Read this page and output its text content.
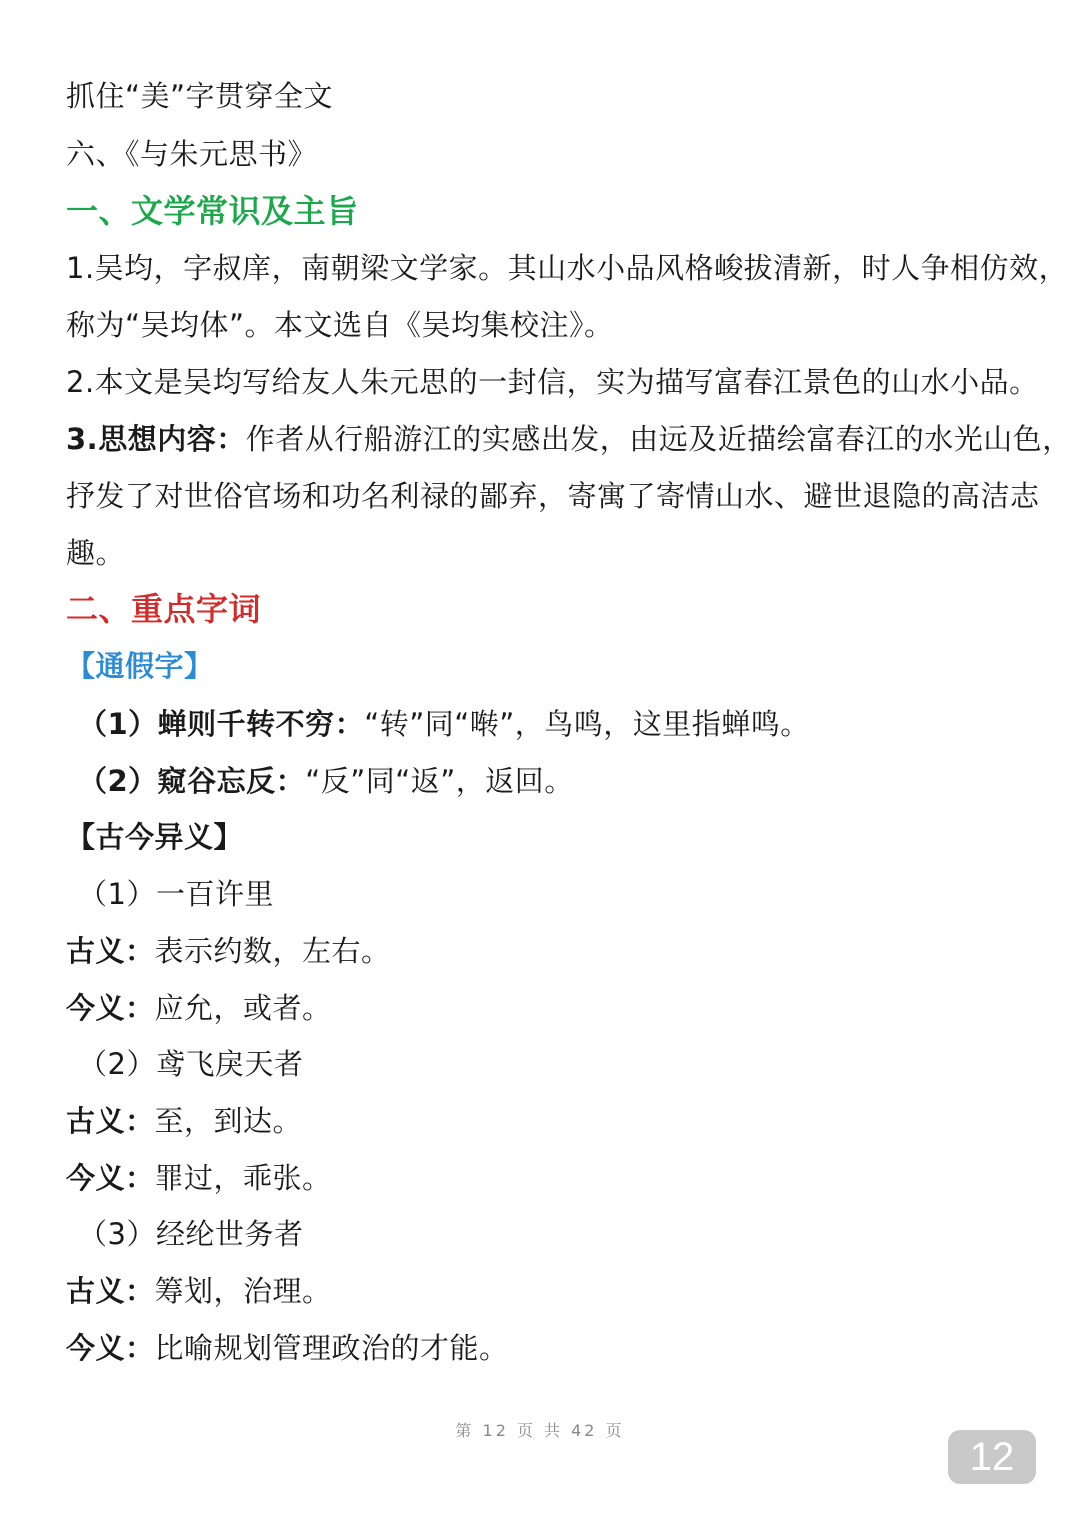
抓住“美”字贯穿全文
六、《与朱元思书》
一、文学常识及主旨
1.吴均，字叔庠，南朝梁文学家。其山水小品风格峻拔清新，时人争相仿效，
称为“吴均体”。本文选自《吴均集校注》。
2.本文是吴均写给友人朱元思的一封信，实为描写富春江景色的山水小品。
3.思想内容：作者从行船游江的实感出发，由远及近描绘富春江的水光山色，
抒发了对世俗官场和功名利禄的鄙弃，寄寓了寄情山水、避世退隐的高洁志
趣。
二、重点字词
【通假字】
（1）蝉则千转不穷：“转”同“啭”，鸟鸣，这里指蝉鸣。
（2）窥谷忘反：“反”同“返”，返回。
【古今异义】
（1）一百许里
古义：表示约数，左右。
今义：应允，或者。
（2）鸢飞戾天者
古义：至，到达。
今义：罪过，乖张。
（3）经纶世务者
古义：筹划，治理。
今义：比喻规划管理政治的才能。
第 12 页 共 42 页
12
